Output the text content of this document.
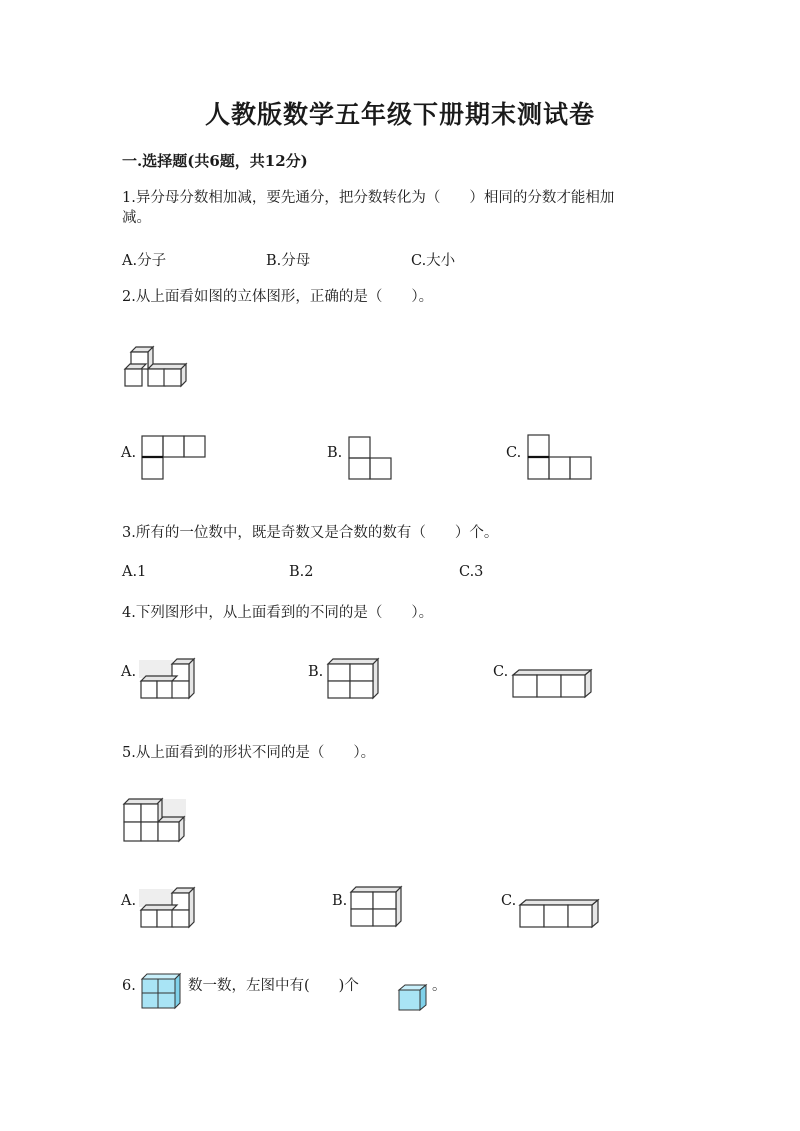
人教版数学五年级下册期末测试卷
一.选择题(共6题，共12分)
1.异分母分数相加减，要先通分，把分数转化为（　　）相同的分数才能相加
减。
A.分子	B.分母	C.大小
2.从上面看如图的立体图形，正确的是（　　）。
A.	B.	C.
3.所有的一位数中，既是奇数又是合数的数有（　　）个。
A.1	B.2	C.3
4.下列图形中，从上面看到的不同的是（　　）。
A.	B.	C.
5.从上面看到的形状不同的是（　　）。
A.	B.	C.
6.	数一数，左图中有(　　)个	。
